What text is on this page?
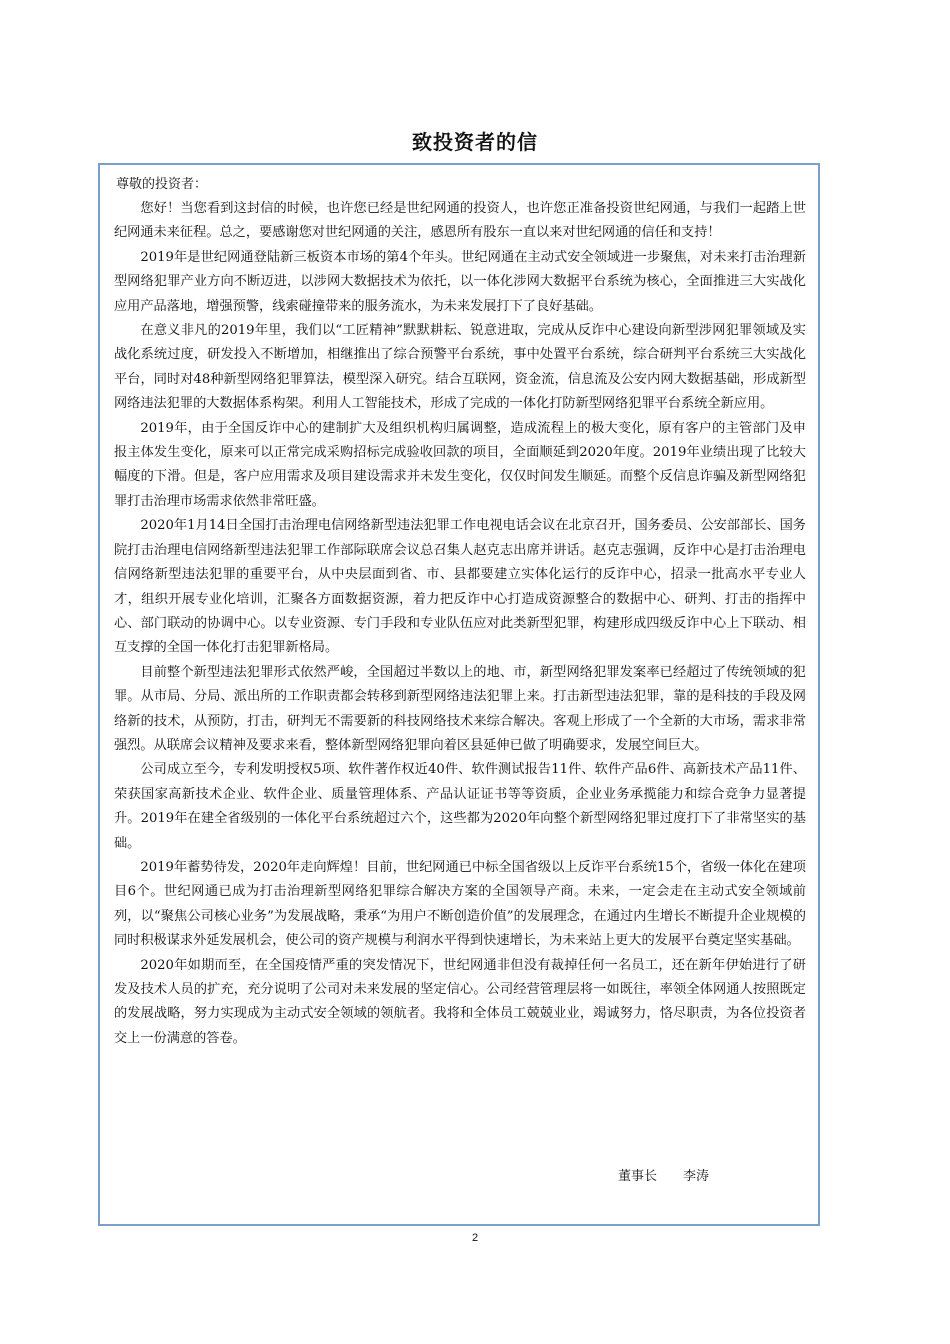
致投资者的信

尊敬的投资者：

您好！当您看到这封信的时候，也许您已经是世纪网通的投资人，也许您正准备投资世纪网通，与我们一起踏上世纪网通未来征程。总之，要感谢您对世纪网通的关注，感恩所有股东一直以来对世纪网通的信任和支持！

2019年是世纪网通登陆新三板资本市场的第4个年头。世纪网通在主动式安全领域进一步聚焦，对未来打击治理新型网络犯罪产业方向不断迈进，以涉网大数据技术为依托，以一体化涉网大数据平台系统为核心，全面推进三大实战化应用产品落地，增强预警，线索碰撞带来的服务流水，为未来发展打下了良好基础。

在意义非凡的2019年里，我们以“工匠精神”默默耕耘、锐意进取，完成从反诈中心建设向新型涉网犯罪领域及实战化系统过度，研发投入不断增加，相继推出了综合预警平台系统，事中处置平台系统，综合研判平台系统三大实战化平台，同时对48种新型网络犯罪算法，模型深入研究。结合互联网，资金流，信息流及公安内网大数据基础，形成新型网络违法犯罪的大数据体系构架。利用人工智能技术，形成了完成的一体化打防新型网络犯罪平台系统全新应用。

2019年，由于全国反诈中心的建制扩大及组织机构归属调整，造成流程上的极大变化，原有客户的主管部门及申报主体发生变化，原来可以正常完成采购招标完成验收回款的项目，全面顺延到2020年度。2019年业绩出现了比较大幅度的下滑。但是，客户应用需求及项目建设需求并未发生变化，仅仅时间发生顺延。而整个反信息诈骗及新型网络犯罪打击治理市场需求依然非常旺盛。

2020年1月14日全国打击治理电信网络新型违法犯罪工作电视电话会议在北京召开，国务委员、公安部部长、国务院打击治理电信网络新型违法犯罪工作部际联席会议总召集人赵克志出席并讲话。赵克志强调，反诈中心是打击治理电信网络新型违法犯罪的重要平台，从中央层面到省、市、县都要建立实体化运行的反诈中心，招录一批高水平专业人才，组织开展专业化培训，汇聚各方面数据资源，着力把反诈中心打造成资源整合的数据中心、研判、打击的指挥中心、部门联动的协调中心。以专业资源、专门手段和专业队伍应对此类新型犯罪，构建形成四级反诈中心上下联动、相互支撑的全国一体化打击犯罪新格局。

目前整个新型违法犯罪形式依然严峻，全国超过半数以上的地、市，新型网络犯罪发案率已经超过了传统领域的犯罪。从市局、分局、派出所的工作职责都会转移到新型网络违法犯罪上来。打击新型违法犯罪，靠的是科技的手段及网络新的技术，从预防，打击，研判无不需要新的科技网络技术来综合解决。客观上形成了一个全新的大市场，需求非常强烈。从联席会议精神及要求来看，整体新型网络犯罪向着区县延伸已做了明确要求，发展空间巨大。

公司成立至今，专利发明授权5项、软件著作权近40件、软件测试报告11件、软件产品6件、高新技术产品11件、荣获国家高新技术企业、软件企业、质量管理体系、产品认证证书等等资质，企业业务承揽能力和综合竞争力显著提升。2019年在建全省级别的一体化平台系统超过六个，这些都为2020年向整个新型网络犯罪过度打下了非常坚实的基础。

2019年蓄势待发，2020年走向辉煌！目前，世纪网通已中标全国省级以上反诈平台系统15个，省级一体化在建项目6个。世纪网通已成为打击治理新型网络犯罪综合解决方案的全国领导产商。未来，一定会走在主动式安全领域前列，以“聚焦公司核心业务”为发展战略，秉承“为用户不断创造价值”的发展理念，在通过内生增长不断提升企业规模的同时积极谋求外延发展机会，使公司的资产规模与利润水平得到快速增长，为未来站上更大的发展平台奠定坚实基础。

2020年如期而至，在全国疫情严重的突发情况下，世纪网通非但没有裁掉任何一名员工，还在新年伊始进行了研发及技术人员的扩充，充分说明了公司对未来发展的坚定信心。公司经营管理层将一如既往，率领全体网通人按照既定的发展战略，努力实现成为主动式安全领域的领航者。我将和全体员工兢兢业业，竭诚努力，恪尽职责，为各位投资者交上一份满意的答卷。

董事长 李涛

2
